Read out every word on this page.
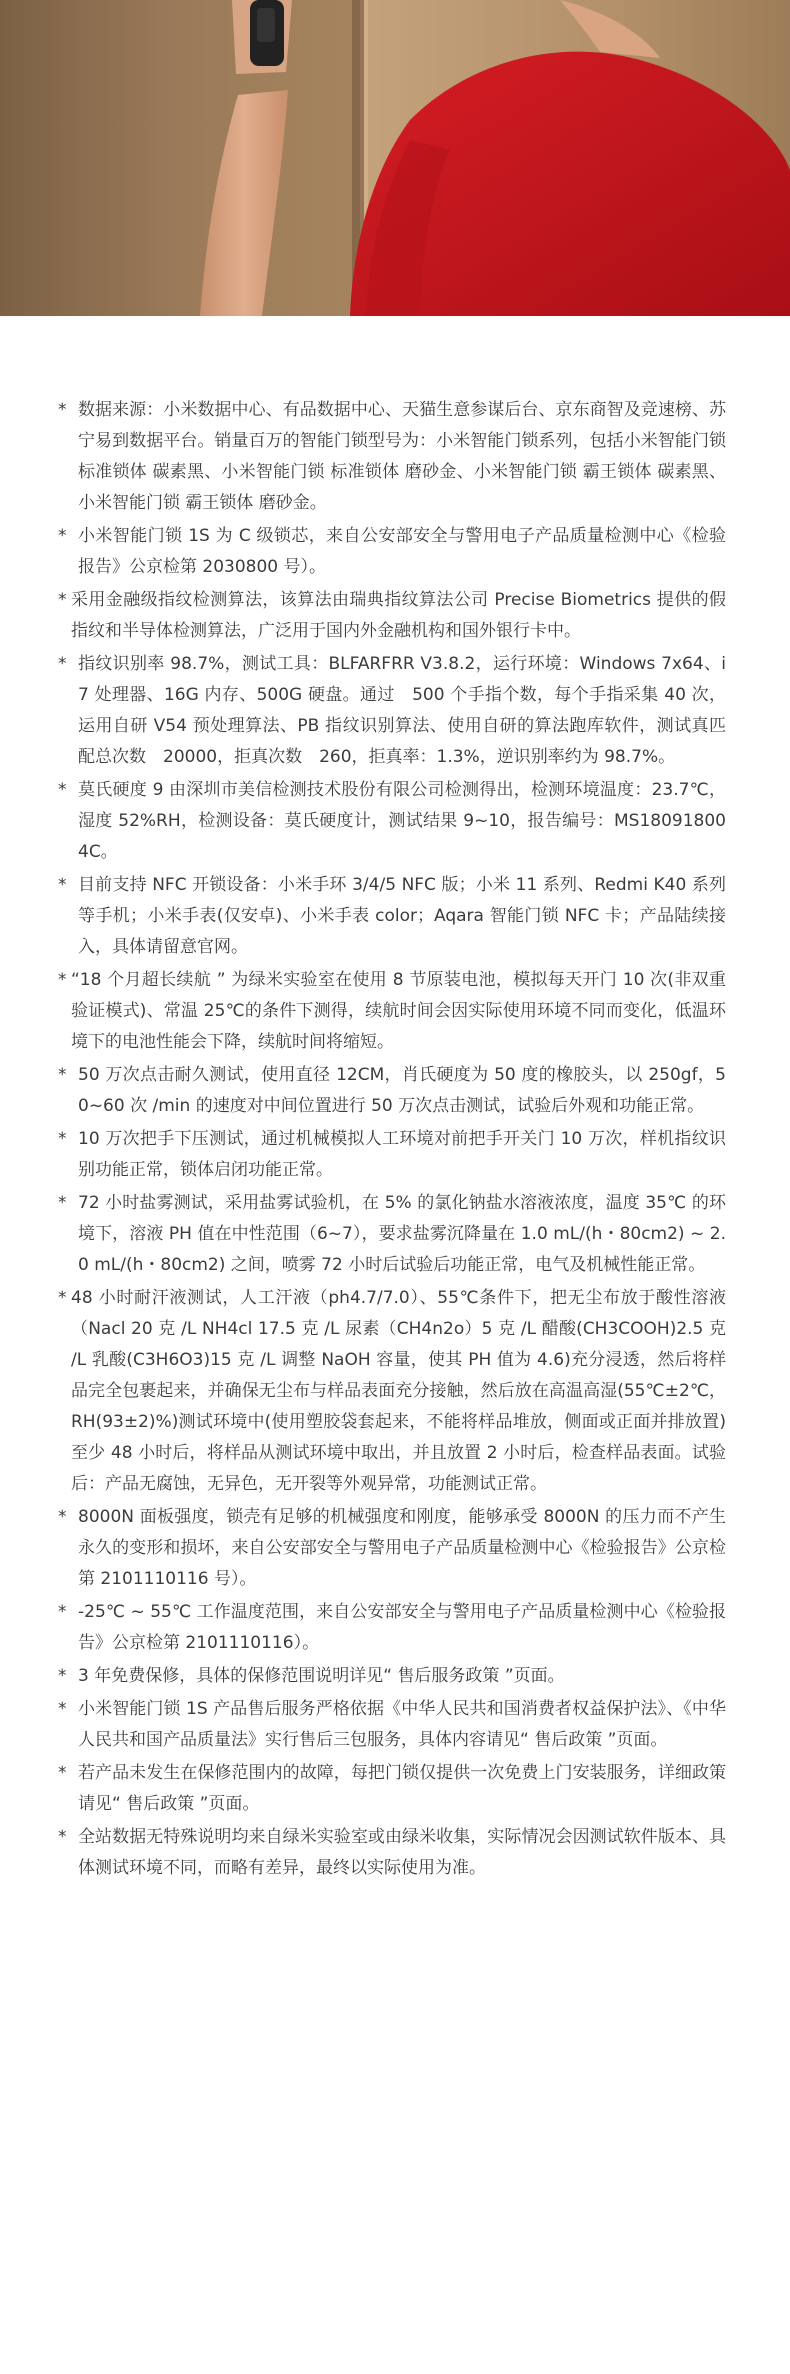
* 数据来源：小米数据中心、有品数据中心、天猫生意参谋后台、京东商智及竞速榜、苏宁易到数据平台。销量百万的智能门锁型号为：小米智能门锁系列，包括小米智能门锁 标准锁体 碳素黑、小米智能门锁 标准锁体 磨砂金、小米智能门锁 霸王锁体 碳素黑、小米智能门锁 霸王锁体 磨砂金。
* 小米智能门锁 1S 为 C 级锁芯，来自公安部安全与警用电子产品质量检测中心《检验报告》公京检第 2030800 号）。
* 采用金融级指纹检测算法，该算法由瑞典指纹算法公司 Precise Biometrics 提供的假指纹和半导体检测算法，广泛用于国内外金融机构和国外银行卡中。
* 指纹识别率 98.7%，测试工具：BLFARFRR V3.8.2，运行环境：Windows 7x64、i7 处理器、16G 内存、500G 硬盘。通过　500 个手指个数，每个手指采集 40 次，运用自研 V54 预处理算法、PB 指纹识别算法、使用自研的算法跑库软件，测试真匹配总次数　20000，拒真次数　260，拒真率：1.3%，逆识别率约为 98.7%。
* 莫氏硬度 9 由深圳市美信检测技术股份有限公司检测得出，检测环境温度：23.7℃，湿度 52%RH，检测设备：莫氏硬度计，测试结果 9~10，报告编号：MS180918004C。
* 目前支持 NFC 开锁设备：小米手环 3/4/5 NFC 版；小米 11 系列、Redmi K40 系列等手机；小米手表(仅安卓)、小米手表 color；Aqara 智能门锁 NFC 卡；产品陆续接入，具体请留意官网。
* “18 个月超长续航 ” 为绿米实验室在使用 8 节原装电池，模拟每天开门 10 次(非双重验证模式)、常温 25℃的条件下测得，续航时间会因实际使用环境不同而变化，低温环境下的电池性能会下降，续航时间将缩短。
* 50 万次点击耐久测试，使用直径 12CM，肖氏硬度为 50 度的橡胶头，以 250gf，50~60 次 /min 的速度对中间位置进行 50 万次点击测试，试验后外观和功能正常。
* 10 万次把手下压测试，通过机械模拟人工环境对前把手开关门 10 万次，样机指纹识别功能正常，锁体启闭功能正常。
* 72 小时盐雾测试，采用盐雾试验机，在 5% 的氯化钠盐水溶液浓度，温度 35℃ 的环境下，溶液 PH 值在中性范围（6~7），要求盐雾沉降量在 1.0 mL/(h・80cm2) ~ 2.0 mL/(h・80cm2) 之间，喷雾 72 小时后试验后功能正常，电气及机械性能正常。
* 48 小时耐汗液测试，人工汗液（ph4.7/7.0）、55℃条件下，把无尘布放于酸性溶液（Nacl 20 克 /L NH4cl 17.5 克 /L 尿素（CH4n2o）5 克 /L 醋酸(CH3COOH)2.5 克 /L 乳酸(C3H6O3)15 克 /L 调整 NaOH 容量，使其 PH 值为 4.6)充分浸透，然后将样品完全包裹起来，并确保无尘布与样品表面充分接触，然后放在高温高湿(55℃±2℃，RH(93±2)%)测试环境中(使用塑胶袋套起来，不能将样品堆放，侧面或正面并排放置)至少 48 小时后，将样品从测试环境中取出，并且放置 2 小时后，检查样品表面。试验后：产品无腐蚀，无异色，无开裂等外观异常，功能测试正常。
* 8000N 面板强度，锁壳有足够的机械强度和刚度，能够承受 8000N 的压力而不产生永久的变形和损坏，来自公安部安全与警用电子产品质量检测中心《检验报告》公京检第 2101110116 号）。
* -25℃ ~ 55℃ 工作温度范围，来自公安部安全与警用电子产品质量检测中心《检验报告》公京检第 2101110116）。
* 3 年免费保修，具体的保修范围说明详见“ 售后服务政策 ”页面。
* 小米智能门锁 1S 产品售后服务严格依据《中华人民共和国消费者权益保护法》、《中华人民共和国产品质量法》实行售后三包服务，具体内容请见“ 售后政策 ”页面。
* 若产品未发生在保修范围内的故障，每把门锁仅提供一次免费上门安装服务，详细政策请见“ 售后政策 ”页面。
* 全站数据无特殊说明均来自绿米实验室或由绿米收集，实际情况会因测试软件版本、具体测试环境不同，而略有差异，最终以实际使用为准。
